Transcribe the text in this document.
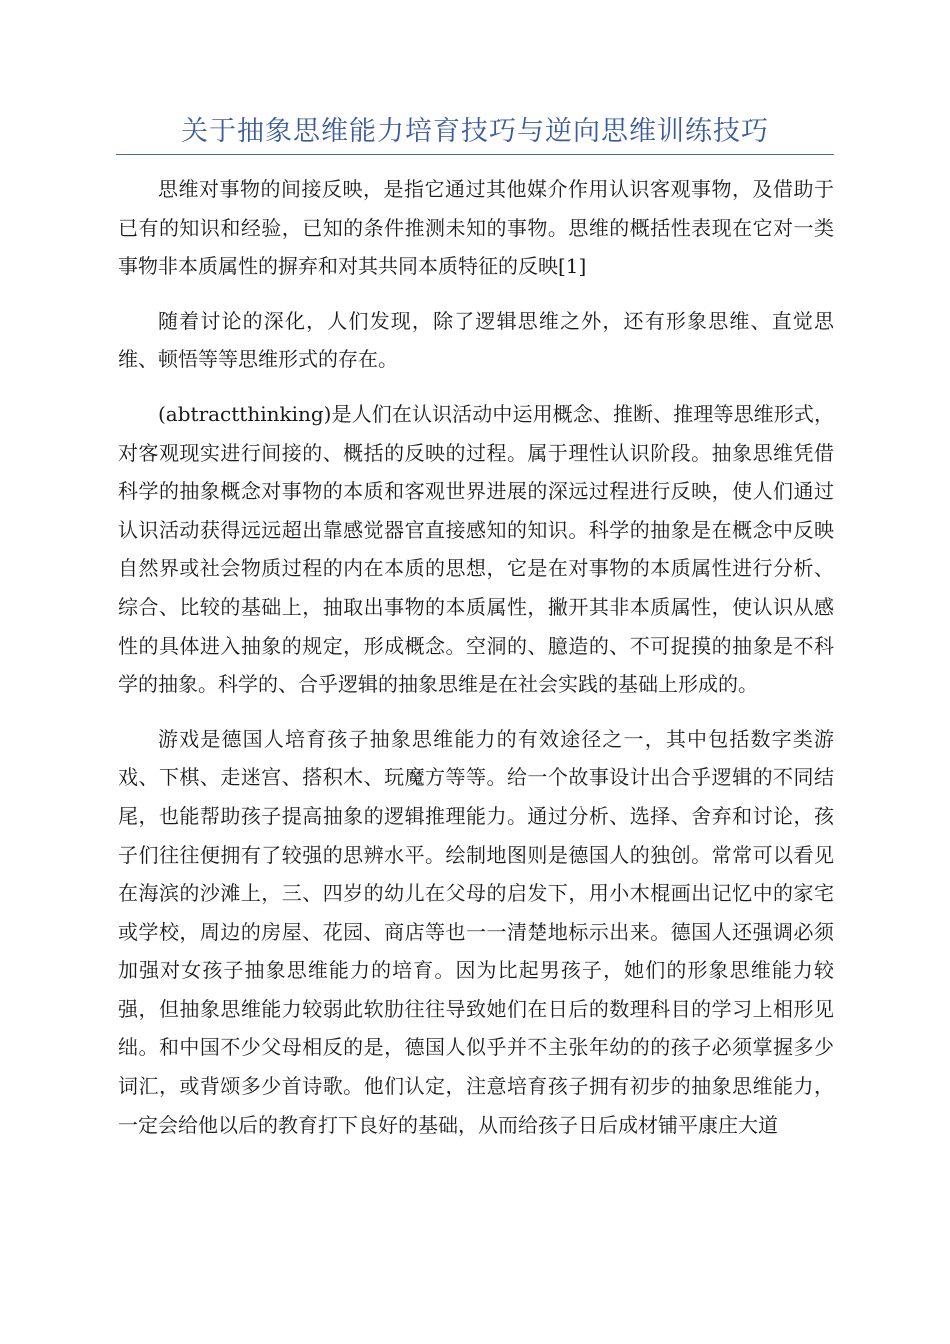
关于抽象思维能力培育技巧与逆向思维训练技巧

思维对事物的间接反映，是指它通过其他媒介作用认识客观事物，及借助于已有的知识和经验，已知的条件推测未知的事物。思维的概括性表现在它对一类事物非本质属性的摒弃和对其共同本质特征的反映[1]

随着讨论的深化，人们发现，除了逻辑思维之外，还有形象思维、直觉思维、顿悟等等思维形式的存在。

(abtractthinking)是人们在认识活动中运用概念、推断、推理等思维形式，对客观现实进行间接的、概括的反映的过程。属于理性认识阶段。抽象思维凭借科学的抽象概念对事物的本质和客观世界进展的深远过程进行反映，使人们通过认识活动获得远远超出靠感觉器官直接感知的知识。科学的抽象是在概念中反映自然界或社会物质过程的内在本质的思想，它是在对事物的本质属性进行分析、综合、比较的基础上，抽取出事物的本质属性，撇开其非本质属性，使认识从感性的具体进入抽象的规定，形成概念。空洞的、臆造的、不可捉摸的抽象是不科学的抽象。科学的、合乎逻辑的抽象思维是在社会实践的基础上形成的。

游戏是德国人培育孩子抽象思维能力的有效途径之一，其中包括数字类游戏、下棋、走迷宫、搭积木、玩魔方等等。给一个故事设计出合乎逻辑的不同结尾，也能帮助孩子提高抽象的逻辑推理能力。通过分析、选择、舍弃和讨论，孩子们往往便拥有了较强的思辨水平。绘制地图则是德国人的独创。常常可以看见在海滨的沙滩上，三、四岁的幼儿在父母的启发下，用小木棍画出记忆中的家宅或学校，周边的房屋、花园、商店等也一一清楚地标示出来。德国人还强调必须加强对女孩子抽象思维能力的培育。因为比起男孩子，她们的形象思维能力较强，但抽象思维能力较弱此软肋往往导致她们在日后的数理科目的学习上相形见绌。和中国不少父母相反的是，德国人似乎并不主张年幼的的孩子必须掌握多少词汇，或背颂多少首诗歌。他们认定，注意培育孩子拥有初步的抽象思维能力，一定会给他以后的教育打下良好的基础，从而给孩子日后成材铺平康庄大道
